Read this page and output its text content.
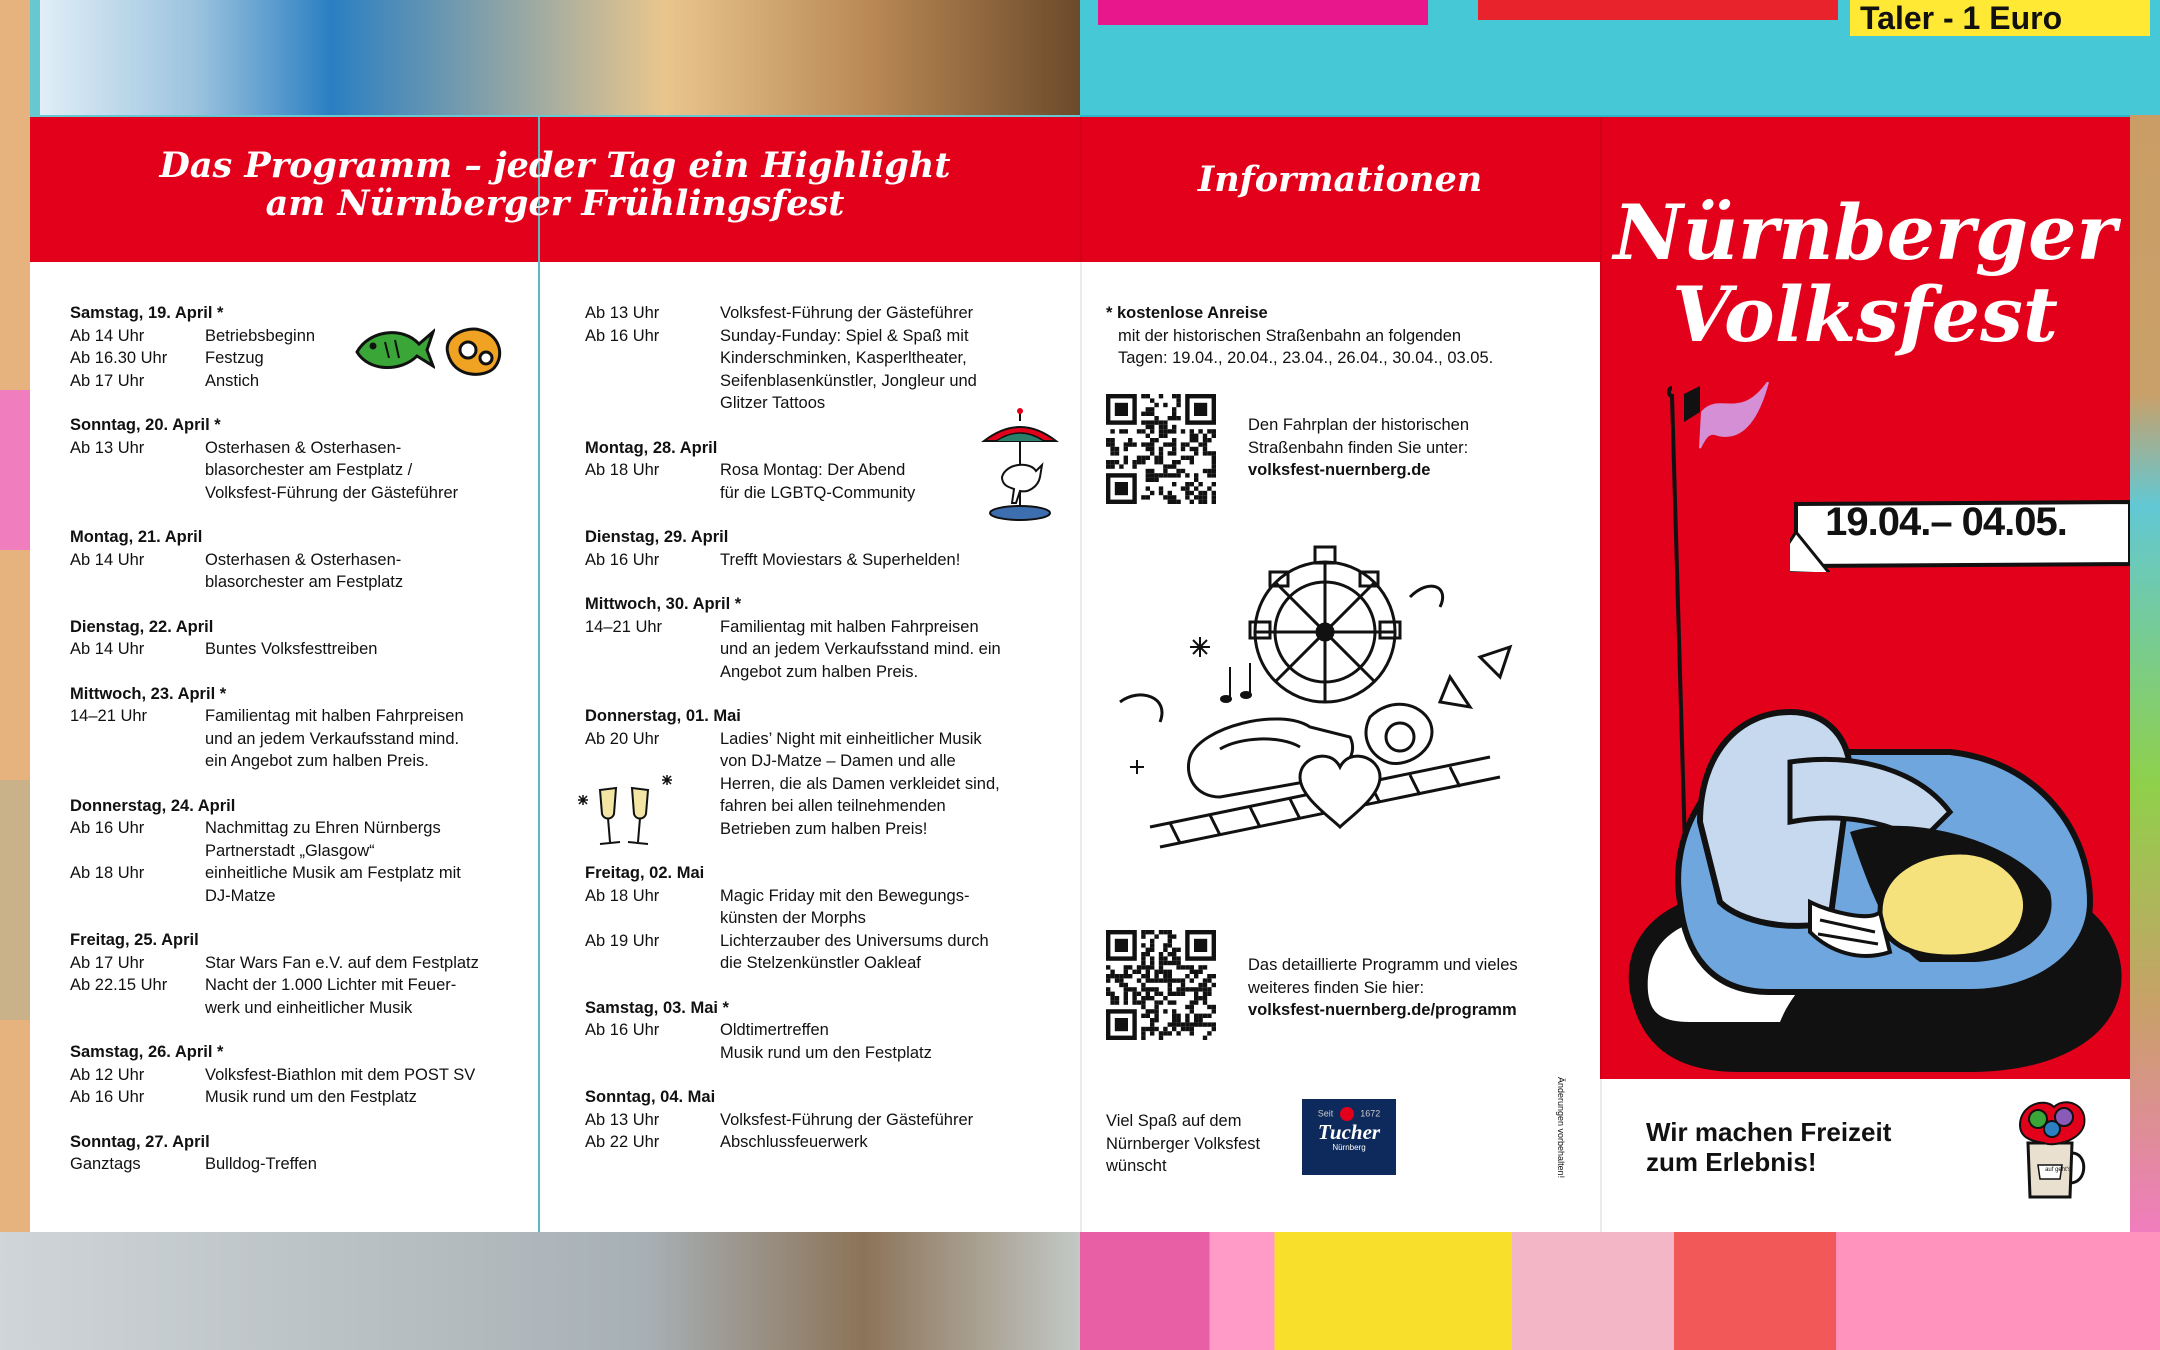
Taler - 1 Euro
Samstag, 19. April *
Ab 14 Uhr	Betriebsbeginn
Ab 16.30 Uhr	Festzug
Ab 17 Uhr	Anstich
Sonntag, 20. April *
Ab 13 Uhr	Osterhasen & Osterhasen-
blasorchester am Festplatz /
Volksfest-Führung der Gästeführer
Montag, 21. April
Ab 14 Uhr	Osterhasen & Osterhasen-
blasorchester am Festplatz
Dienstag, 22. April
Ab 14 Uhr	Buntes Volksfesttreiben
Mittwoch, 23. April *
14–21 Uhr	Familientag mit halben Fahrpreisen
und an jedem Verkaufsstand mind.
ein Angebot zum halben Preis.
Donnerstag, 24. April
Ab 16 Uhr	Nachmittag zu Ehren Nürnbergs
Partnerstadt „Glasgow“
Ab 18 Uhr	einheitliche Musik am Festplatz mit
DJ-Matze
Freitag, 25. April
Ab 17 Uhr	Star Wars Fan e.V. auf dem Festplatz
Ab 22.15 Uhr	Nacht der 1.000 Lichter mit Feuer-
werk und einheitlicher Musik
Samstag, 26. April *
Ab 12 Uhr	Volksfest-Biathlon mit dem POST SV
Ab 16 Uhr	Musik rund um den Festplatz
Sonntag, 27. April
Ganztags	Bulldog-Treffen
Ab 13 Uhr	Volksfest-Führung der Gästeführer
Ab 16 Uhr	Sunday-Funday: Spiel & Spaß mit
Kinderschminken, Kasperltheater,
Seifenblasenkünstler, Jongleur und
Glitzer Tattoos
Montag, 28. April
Ab 18 Uhr	Rosa Montag: Der Abend
für die LGBTQ-Community
Dienstag, 29. April
Ab 16 Uhr	Trefft Moviestars & Superhelden!
Mittwoch, 30. April *
14–21 Uhr	Familientag mit halben Fahrpreisen
und an jedem Verkaufsstand mind. ein
Angebot zum halben Preis.
Donnerstag, 01. Mai
Ab 20 Uhr	Ladies’ Night mit einheitlicher Musik
von DJ-Matze – Damen und alle
Herren, die als Damen verkleidet sind,
fahren bei allen teilnehmenden
Betrieben zum halben Preis!
Freitag, 02. Mai
Ab 18 Uhr	Magic Friday mit den Bewegungs-
künsten der Morphs
Ab 19 Uhr	Lichterzauber des Universums durch
die Stelzenkünstler Oakleaf
Samstag, 03. Mai *
Ab 16 Uhr	Oldtimertreffen
Musik rund um den Festplatz
Sonntag, 04. Mai
Ab 13 Uhr	Volksfest-Führung der Gästeführer
Ab 22 Uhr	Abschlussfeuerwerk
Das Programm – jeder Tag ein Highlight
am Nürnberger Frühlingsfest
Informationen
* kostenlose Anreise
mit der historischen Straßenbahn an folgenden
Tagen: 19.04., 20.04., 23.04., 26.04., 30.04., 03.05.
Den Fahrplan der historischen
Straßenbahn finden Sie unter:
volksfest-nuernberg.de
Das detaillierte Programm und vieles
weiteres finden Sie hier:
volksfest-nuernberg.de/programm
Viel Spaß auf dem
Nürnberger Volksfest
wünscht
Seit	1672
Tucher
Nürnberg	Änderungen vorbehalten!
Nürnberger
Volksfest
19.04.– 04.05.
Wir machen Freizeit
zum Erlebnis!	auf geht's
